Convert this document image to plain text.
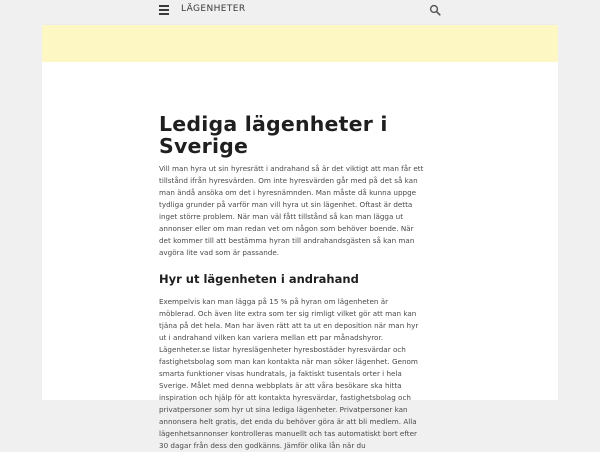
LÄGENHETER
Lediga lägenheter i Sverige

Vill man hyra ut sin hyresrätt i andrahand så är det viktigt att man får ett tillstånd ifrån hyresvärden. Om inte hyresvärden går med på det så kan man ändå ansöka om det i hyresnämnden. Man måste då kunna uppge tydliga grunder på varför man vill hyra ut sin lägenhet. Oftast är detta inget större problem. När man väl fått tillstånd så kan man lägga ut annonser eller om man redan vet om någon som behöver boende. När det kommer till att bestämma hyran till andrahandsgästen så kan man avgöra lite vad som är passande.

Hyr ut lägenheten i andrahand

Exempelvis kan man lägga på 15 % på hyran om lägenheten är möblerad. Och även lite extra som ter sig rimligt vilket gör att man kan tjäna på det hela. Man har även rätt att ta ut en deposition när man hyr ut i andrahand vilken kan variera mellan ett par månadshyror. Lägenheter.se listar hyreslägenheter hyresbostäder hyresvärdar och fastighetsbolag som man kan kontakta när man söker lägenhet. Genom smarta funktioner visas hundratals, ja faktiskt tusentals orter i hela Sverige. Målet med denna webbplats är att våra besökare ska hitta inspiration och hjälp för att kontakta hyresvärdar, fastighetsbolag och privatpersoner som hyr ut sina lediga lägenheter. Privatpersoner kan annonsera helt gratis, det enda du behöver göra är att bli medlem. Alla lägenhetsannonser kontrolleras manuellt och tas automatiskt bort efter 30 dagar från dess den godkänns. Jämför olika lån när du
